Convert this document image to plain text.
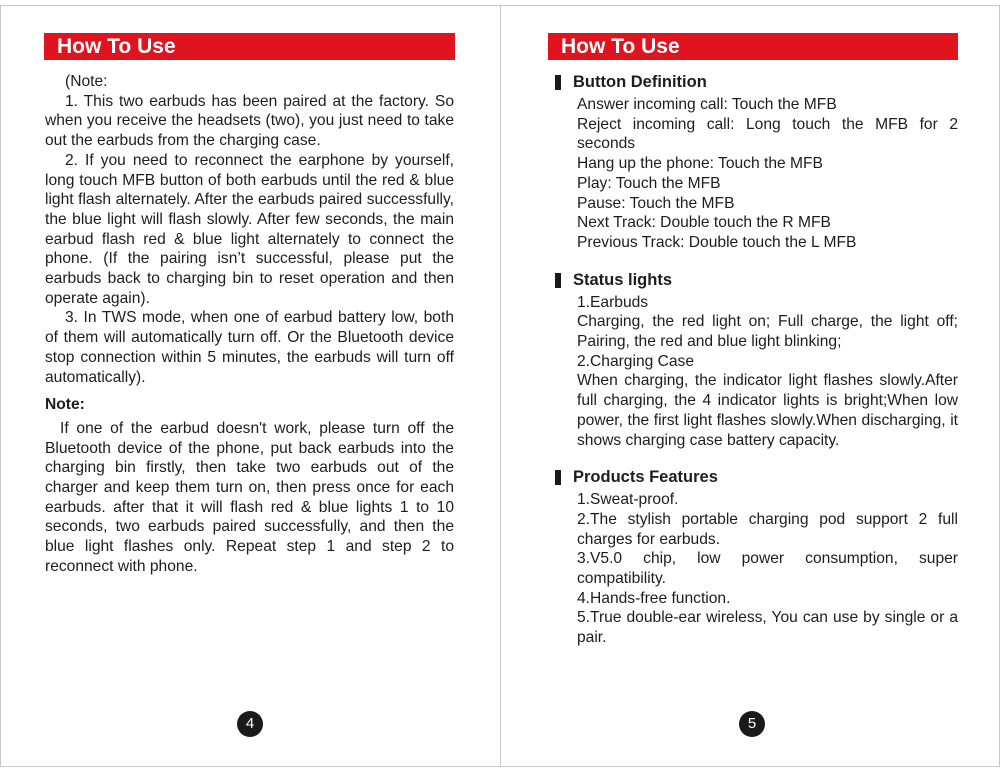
How To Use

(Note:

1. This two earbuds has been paired at the factory. So when you receive the headsets (two), you just need to take out the earbuds from the charging case.

2. If you need to reconnect the earphone by yourself, long touch MFB button of both earbuds until the red & blue light flash alternately. After the earbuds paired successfully, the blue light will flash slowly. After few seconds, the main earbud flash red & blue light alternately to connect the phone. (If the pairing isn’t successful, please put the earbuds back to charging bin to reset operation and then operate again).

3. In TWS mode, when one of earbud battery low, both of them will automatically turn off. Or the Bluetooth device stop connection within 5 minutes, the earbuds will turn off automatically).

Note:

If one of the earbud doesn't work, please turn off the Bluetooth device of the phone, put back earbuds into the charging bin firstly, then take two earbuds out of the charger and keep them turn on, then press once for each earbuds. after that it will flash red & blue lights 1 to 10 seconds, two earbuds paired successfully, and then the blue light flashes only. Repeat step 1 and step 2 to reconnect with phone.

4
How To Use
Button Definition
Answer incoming call: Touch the MFB
Reject incoming call: Long touch the MFB for 2 seconds
Hang up the phone: Touch the MFB
Play: Touch the MFB
Pause: Touch the MFB
Next Track: Double touch the R MFB
Previous Track: Double touch the L MFB
Status lights
1.Earbuds
Charging, the red light on; Full charge, the light off; Pairing, the red and blue light blinking;
2.Charging Case
When charging, the indicator light flashes slowly.After full charging, the 4 indicator lights is bright;When low power, the first light flashes slowly.When discharging, it shows charging case battery capacity.
Products Features
1.Sweat-proof.
2.The stylish portable charging pod support 2 full charges for earbuds.
3.V5.0 chip, low power consumption, super compatibility.
4.Hands-free function.
5.True double-ear wireless, You can use by single or a pair.
5
